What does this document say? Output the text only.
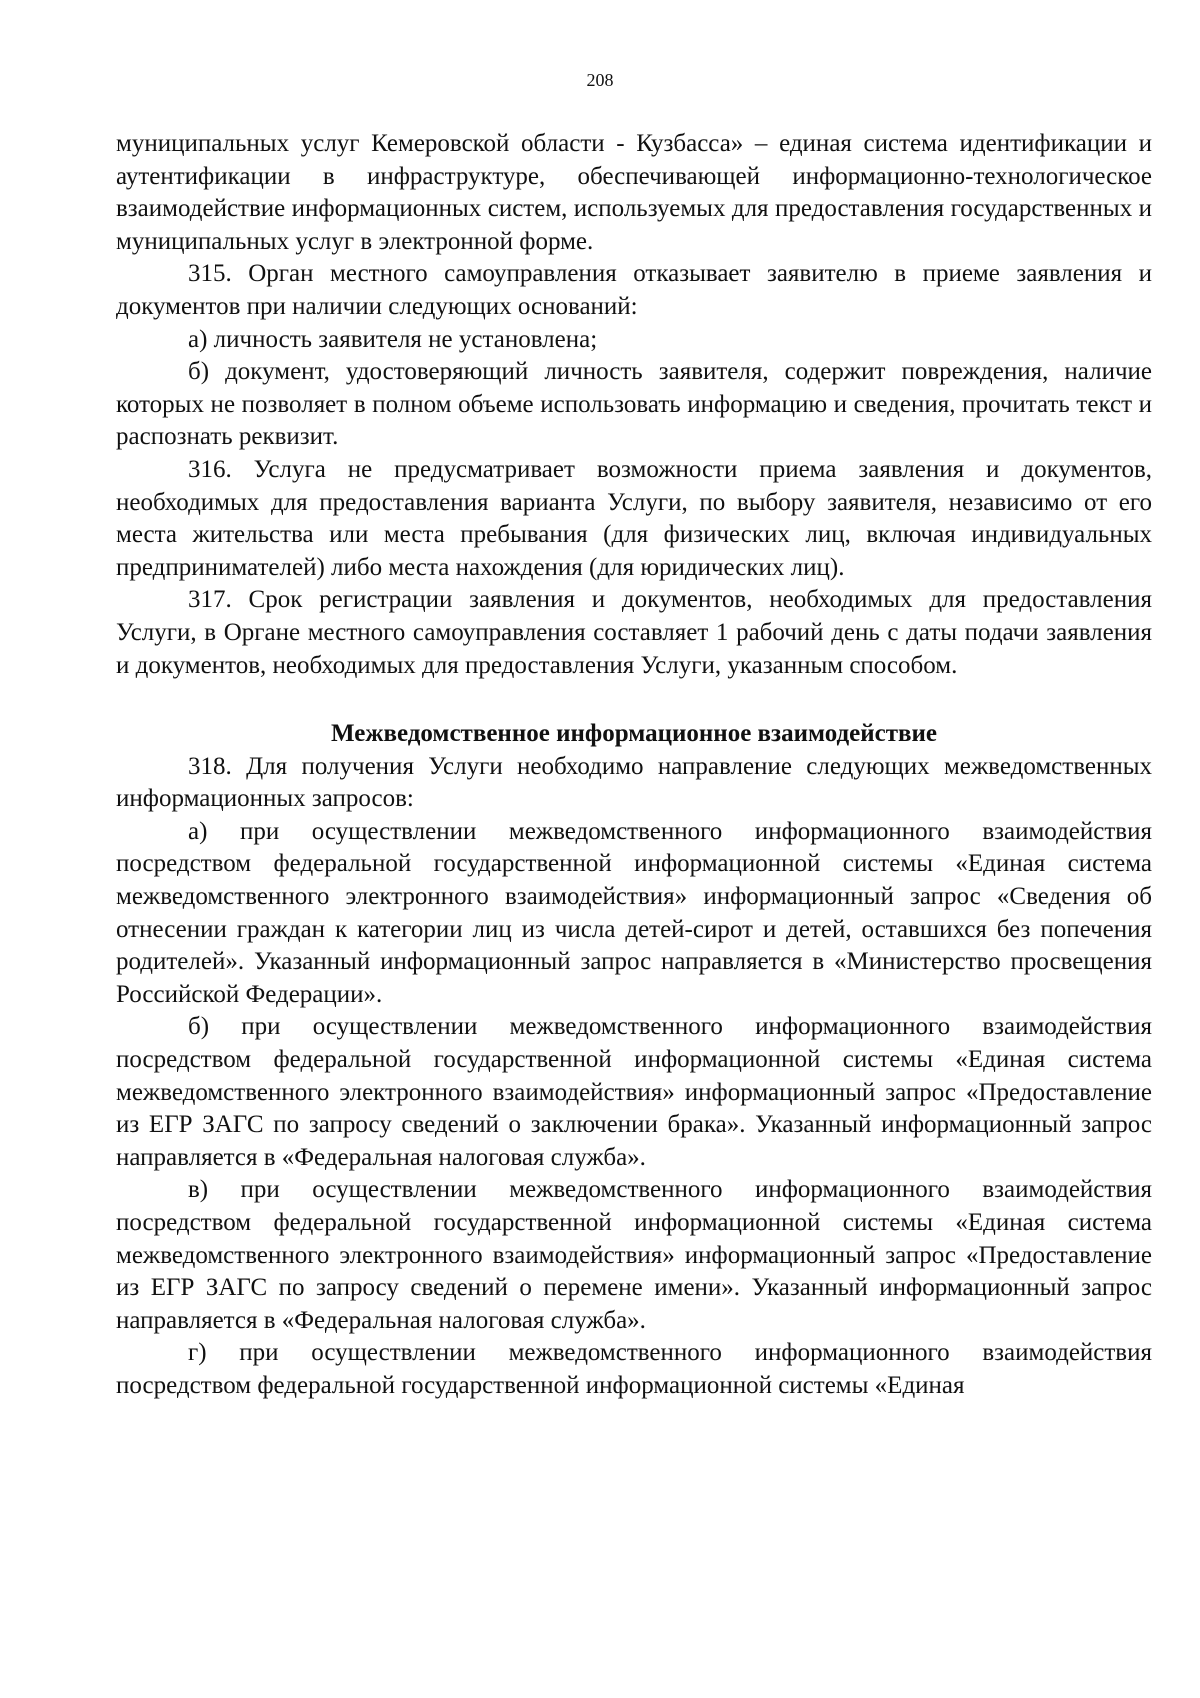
208

муниципальных услуг Кемеровской области - Кузбасса» – единая система идентификации и аутентификации в инфраструктуре, обеспечивающей информационно-технологическое взаимодействие информационных систем, используемых для предоставления государственных и муниципальных услуг в электронной форме.

315. Орган местного самоуправления отказывает заявителю в приеме заявления и документов при наличии следующих оснований:

а) личность заявителя не установлена;

б) документ, удостоверяющий личность заявителя, содержит повреждения, наличие которых не позволяет в полном объеме использовать информацию и сведения, прочитать текст и распознать реквизит.

316. Услуга не предусматривает возможности приема заявления и документов, необходимых для предоставления варианта Услуги, по выбору заявителя, независимо от его места жительства или места пребывания (для физических лиц, включая индивидуальных предпринимателей) либо места нахождения (для юридических лиц).

317. Срок регистрации заявления и документов, необходимых для предоставления Услуги, в Органе местного самоуправления составляет 1 рабочий день с даты подачи заявления и документов, необходимых для предоставления Услуги, указанным способом.

Межведомственное информационное взаимодействие

318. Для получения Услуги необходимо направление следующих межведомственных информационных запросов:

а) при осуществлении межведомственного информационного взаимодействия посредством федеральной государственной информационной системы «Единая система межведомственного электронного взаимодействия» информационный запрос «Сведения об отнесении граждан к категории лиц из числа детей-сирот и детей, оставшихся без попечения родителей». Указанный информационный запрос направляется в «Министерство просвещения Российской Федерации».

б) при осуществлении межведомственного информационного взаимодействия посредством федеральной государственной информационной системы «Единая система межведомственного электронного взаимодействия» информационный запрос «Предоставление из ЕГР ЗАГС по запросу сведений о заключении брака». Указанный информационный запрос направляется в «Федеральная налоговая служба».

в) при осуществлении межведомственного информационного взаимодействия посредством федеральной государственной информационной системы «Единая система межведомственного электронного взаимодействия» информационный запрос «Предоставление из ЕГР ЗАГС по запросу сведений о перемене имени». Указанный информационный запрос направляется в «Федеральная налоговая служба».

г) при осуществлении межведомственного информационного взаимодействия посредством федеральной государственной информационной системы «Единая
